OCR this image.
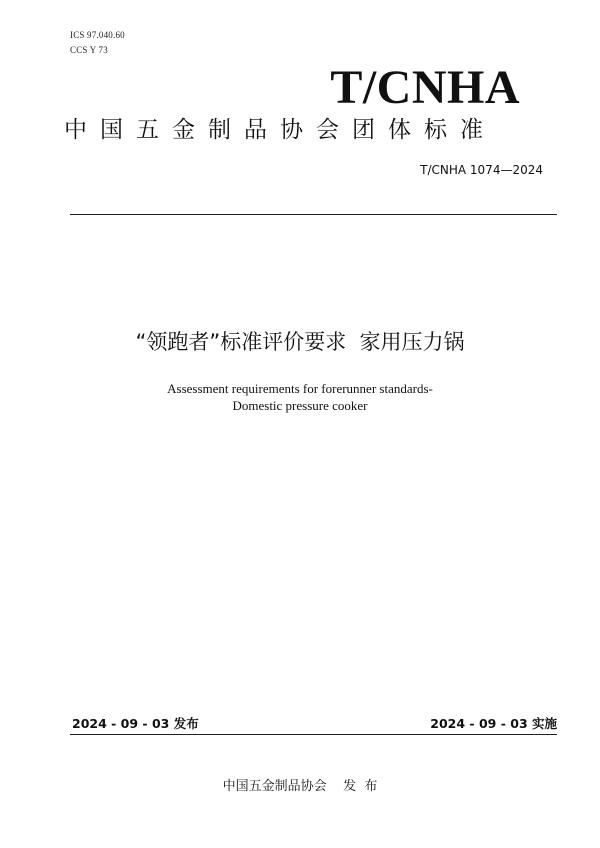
ICS 97.040.60
CCS Y 73
T/CNHA
中国五金制品协会团体标准
T/CNHA 1074—2024
“领跑者”标准评价要求  家用压力锅
Assessment requirements for forerunner standards-
Domestic pressure cooker
2024 - 09 - 03 发布	2024 - 09 - 03 实施
中国五金制品协会    发  布
